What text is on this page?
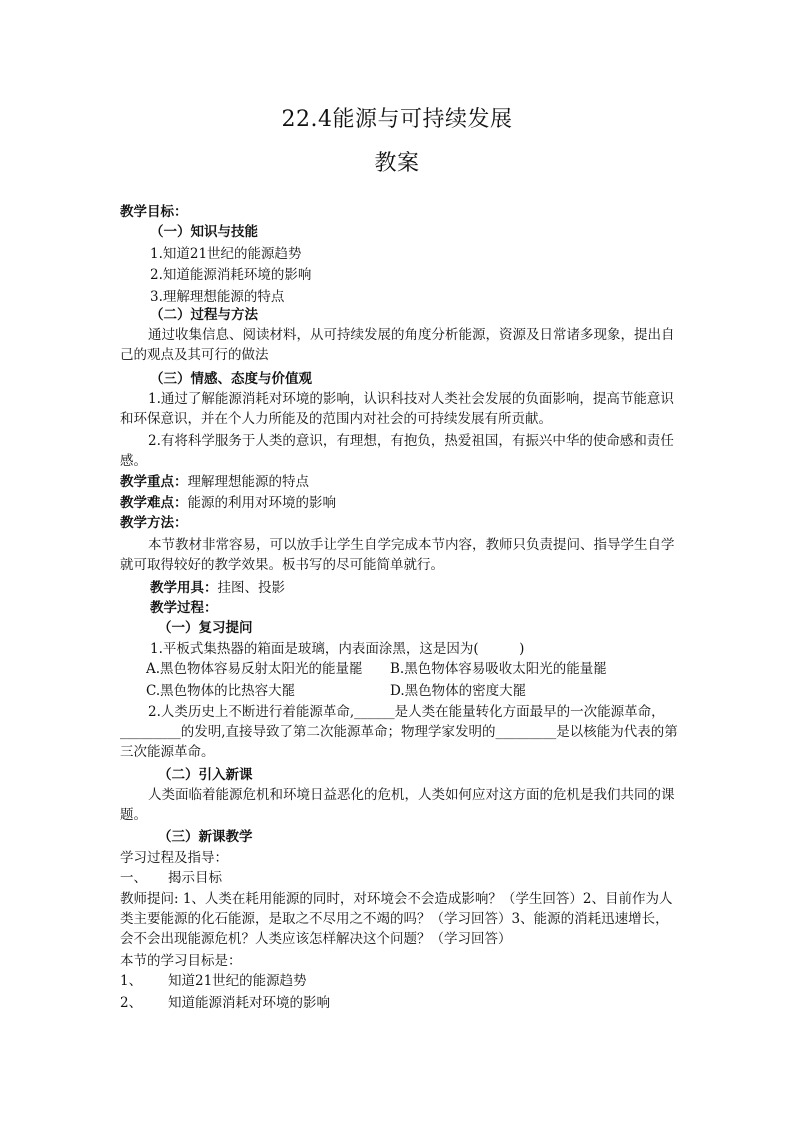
22.4能源与可持续发展
教案
教学目标：
（一）知识与技能
1.知道21世纪的能源趋势
2.知道能源消耗环境的影响
3.理解理想能源的特点
（二）过程与方法
通过收集信息、阅读材料，从可持续发展的角度分析能源，资源及日常诸多现象，提出自己的观点及其可行的做法
（三）情感、态度与价值观
1.通过了解能源消耗对环境的影响，认识科技对人类社会发展的负面影响，提高节能意识和环保意识，并在个人力所能及的范围内对社会的可持续发展有所贡献。
2.有将科学服务于人类的意识，有理想，有抱负，热爱祖国，有振兴中华的使命感和责任感。
教学重点：理解理想能源的特点
教学难点：能源的利用对环境的影响
教学方法：
本节教材非常容易，可以放手让学生自学完成本节内容，教师只负责提问、指导学生自学就可取得较好的教学效果。板书写的尽可能简单就行。
教学用具：挂图、投影
教学过程：
（一）复习提问
1.平板式集热器的箱面是玻璃，内表面涂黑，这是因为(　　　)
A.黑色物体容易反射太阳光的能量罷 B.黑色物体容易吸收太阳光的能量罷
C.黑色物体的比热容大罷	D.黑色物体的密度大罷
2.人类历史上不断进行着能源革命,______是人类在能量转化方面最早的一次能源革命，_________的发明,直接导致了第二次能源革命；物理学家发明的_________是以核能为代表的第三次能源革命。
（二）引入新课
人类面临着能源危机和环境日益恶化的危机，人类如何应对这方面的危机是我们共同的课题。
（三）新课教学
学习过程及指导：
一、 揭示目标
教师提问: 1、人类在耗用能源的同时，对环境会不会造成影响？（学生回答）2、目前作为人类主要能源的化石能源，是取之不尽用之不竭的吗？（学习回答）3、能源的消耗迅速增长，会不会出现能源危机？人类应该怎样解决这个问题？（学习回答）
本节的学习目标是：
1、 知道21世纪的能源趋势
2、 知道能源消耗对环境的影响
